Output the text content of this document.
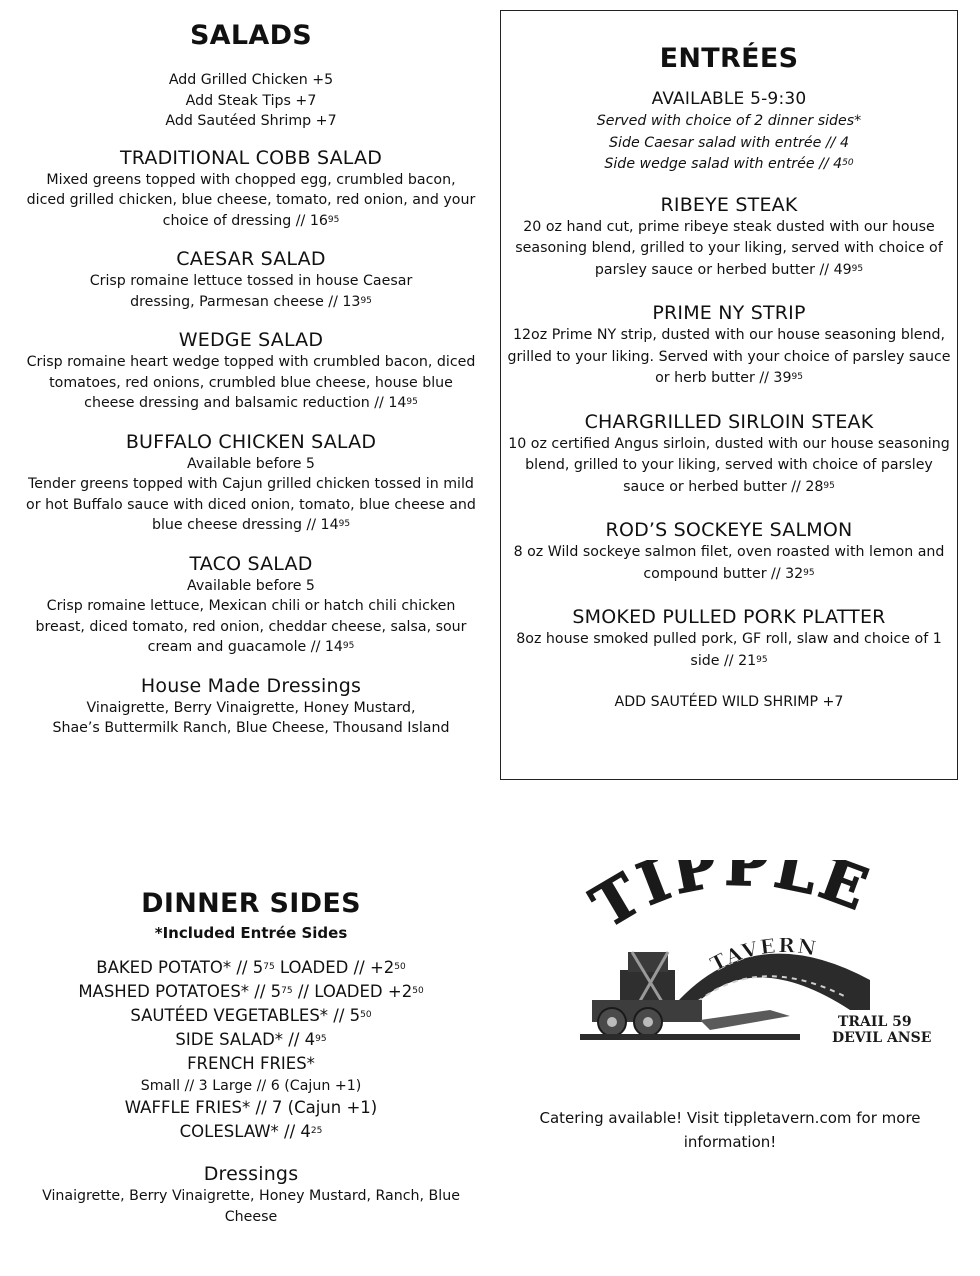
SALADS

Add Grilled Chicken +5

Add Steak Tips +7

Add Sautéed Shrimp +7

TRADITIONAL COBB SALAD

Mixed greens topped with chopped egg, crumbled bacon,

diced grilled chicken, blue cheese, tomato, red onion, and your

choice of dressing // $16^{95}$

CAESAR SALAD

Crisp romaine lettuce tossed in house Caesar

dressing, Parmesan cheese // $13^{95}$

WEDGE SALAD

Crisp romaine heart wedge topped with crumbled bacon, diced

tomatoes, red onions, crumbled blue cheese, house blue

cheese dressing and balsamic reduction // $14^{95}$

BUFFALO CHICKEN SALAD

Available before 5

Tender greens topped with Cajun grilled chicken tossed in mild

or hot Buffalo sauce with diced onion, tomato, blue cheese and

blue cheese dressing // $14^{95}$

TACO SALAD

Available before 5

Crisp romaine lettuce, Mexican chili or hatch chili chicken

breast, diced tomato, red onion, cheddar cheese, salsa, sour

cream and guacamole // $14^{95}$

House Made Dressings

Vinaigrette, Berry Vinaigrette, Honey Mustard,

Shae’s Buttermilk Ranch, Blue Cheese, Thousand Island

ENTRÉES
AVAILABLE 5-9:30

Served with choice of 2 dinner sides*

Side Caesar salad with entrée // 4

Side wedge salad with entrée // $4^{50}$

RIBEYE STEAK

20 oz hand cut, prime ribeye steak dusted with our house

seasoning blend, grilled to your liking, served with choice of

parsley sauce or herbed butter // $49^{95}$

PRIME NY STRIP

12oz Prime NY strip, dusted with our house seasoning blend,

grilled to your liking. Served with your choice of parsley sauce

or herb butter // $39^{95}$

CHARGRILLED SIRLOIN STEAK

10 oz certified Angus sirloin, dusted with our house seasoning

blend, grilled to your liking, served with choice of parsley

sauce or herbed butter // $28^{95}$

ROD’S SOCKEYE SALMON

8 oz Wild sockeye salmon filet, oven roasted with lemon and

compound butter // $32^{95}$

SMOKED PULLED PORK PLATTER

8oz house smoked pulled pork, GF roll, slaw and choice of 1

side // $21^{95}$

ADD SAUTÉED WILD SHRIMP +7

DINNER SIDES

*Included Entrée Sides

BAKED POTATO* // $5^{75}$ LOADED // $+2^{50}$

MASHED POTATOES* // $5^{75}$ // LOADED $+2^{50}$

SAUTÉED VEGETABLES* // $5^{50}$

SIDE SALAD* // $4^{95}$

FRENCH FRIES*

Small // 3 Large // 6 (Cajun +1)

WAFFLE FRIES* // 7 (Cajun +1)

COLESLAW* // $4^{25}$

Dressings

Vinaigrette, Berry Vinaigrette, Honey Mustard, Ranch, Blue

Cheese

TIPPLE
TAVERN
TRAIL 59
DEVIL ANSE

Catering available! Visit tippletavern.com for more

information!
